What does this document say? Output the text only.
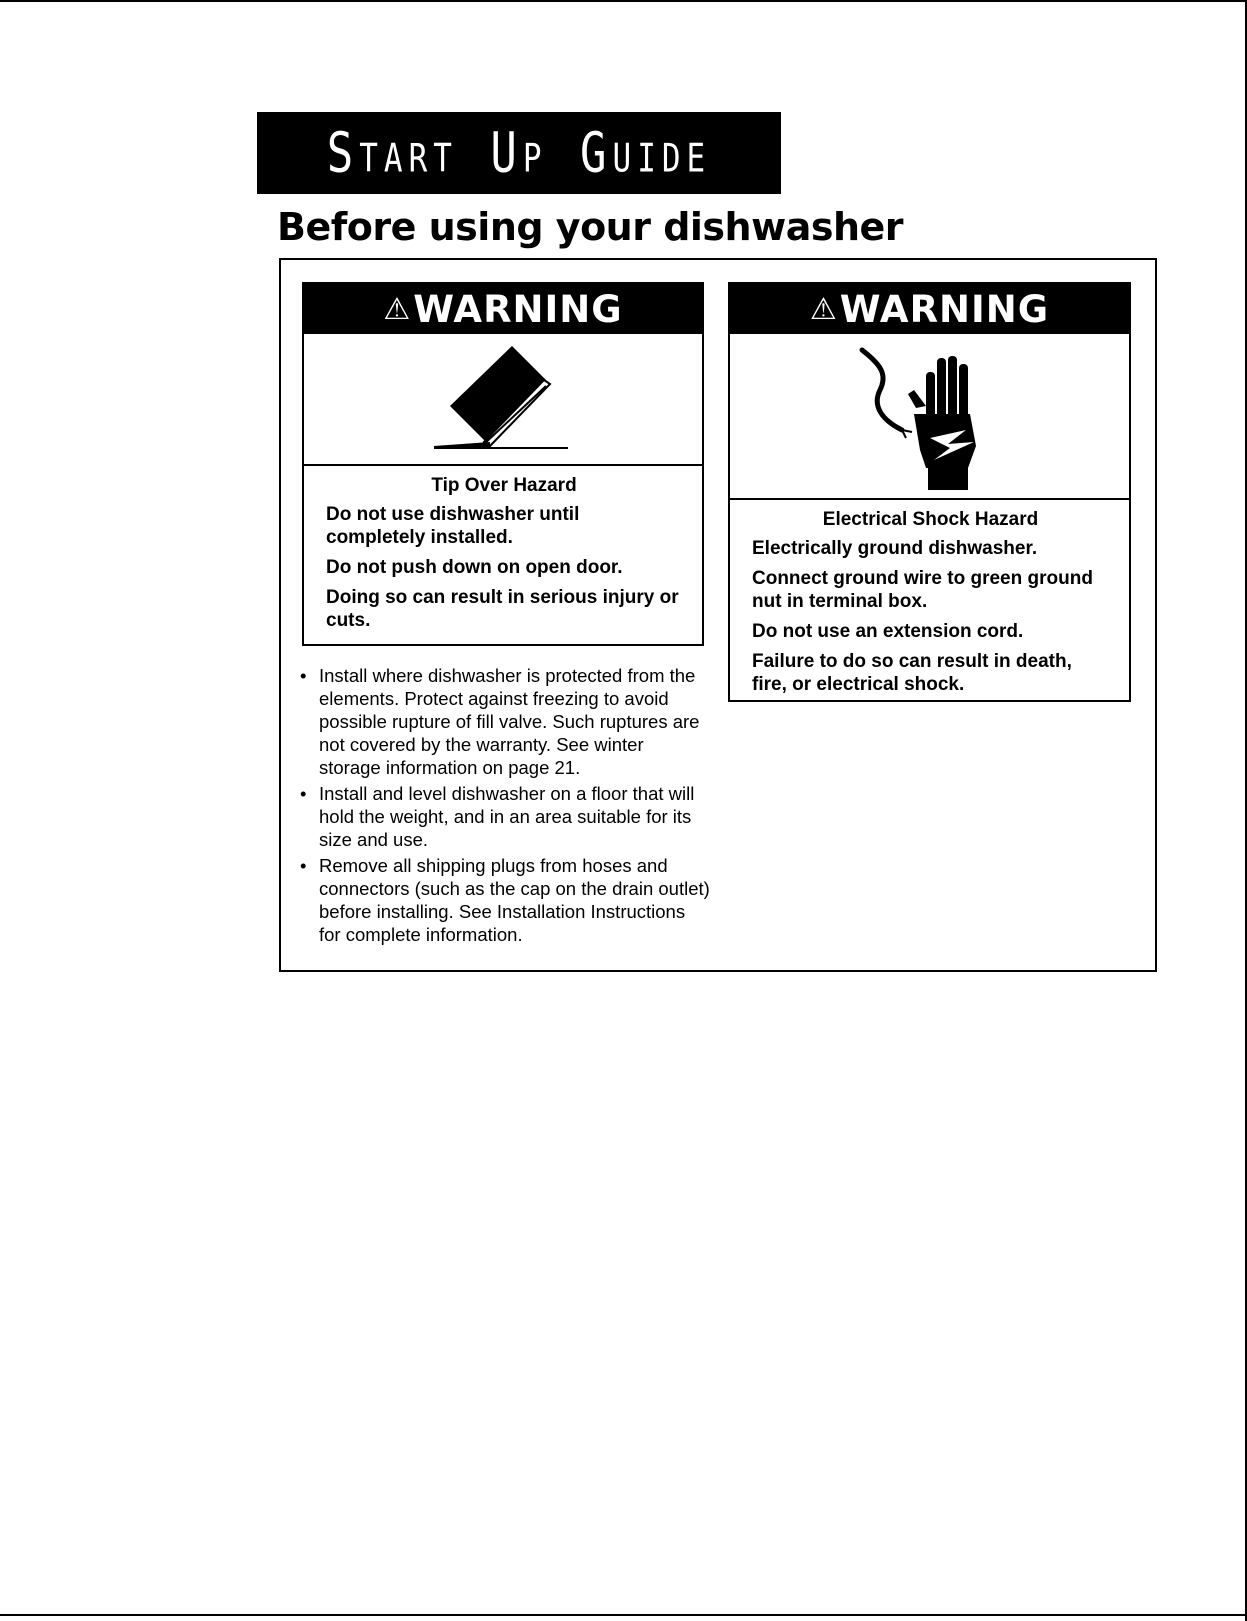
Start Up Guide
Before using your dishwasher
⚠ WARNING
Tip Over Hazard

Do not use dishwasher until completely installed.

Do not push down on open door.

Doing so can result in serious injury or cuts.

⚠ WARNING
Electrical Shock Hazard

Electrically ground dishwasher.

Connect ground wire to green ground nut in terminal box.

Do not use an extension cord.

Failure to do so can result in death, fire, or electrical shock.

• Install where dishwasher is protected from the elements. Protect against freezing to avoid possible rupture of fill valve. Such ruptures are not covered by the warranty. See winter storage information on page 21.
• Install and level dishwasher on a floor that will hold the weight, and in an area suitable for its size and use.
• Remove all shipping plugs from hoses and connectors (such as the cap on the drain outlet) before installing. See Installation Instructions for complete information.
